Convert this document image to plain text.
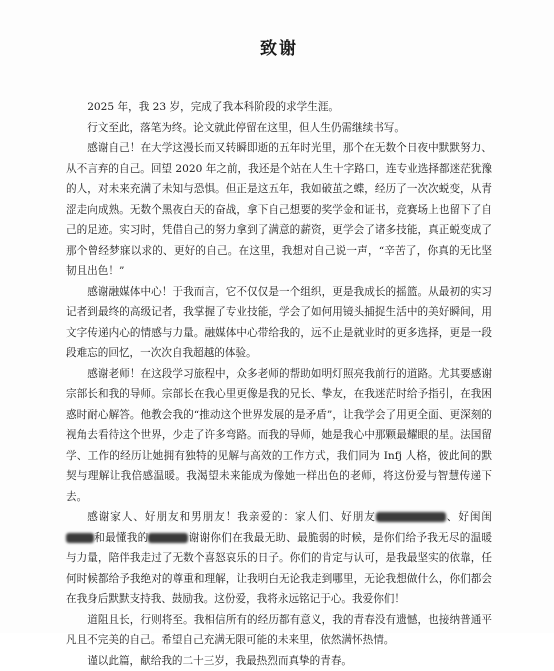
致谢

2025 年，我 23 岁，完成了我本科阶段的求学生涯。

行文至此，落笔为终。论文就此停留在这里，但人生仍需继续书写。

感谢自己！在大学这漫长而又转瞬即逝的五年时光里，那个在无数个日夜中默默努力、从不言弃的自己。回望 2020 年之前，我还是个站在人生十字路口，连专业选择都迷茫犹豫的人，对未来充满了未知与恐惧。但正是这五年，我如破茧之蝶，经历了一次次蜕变，从青涩走向成熟。无数个黑夜白天的奋战，拿下自己想要的奖学金和证书，竞赛场上也留下了自己的足迹。实习时，凭借自己的努力拿到了满意的薪资，更学会了诸多技能，真正蜕变成了那个曾经梦寐以求的、更好的自己。在这里，我想对自己说一声，“辛苦了，你真的无比坚韧且出色！”

感谢融媒体中心！于我而言，它不仅仅是一个组织，更是我成长的摇篮。从最初的实习记者到最终的高级记者，我掌握了专业技能，学会了如何用镜头捕捉生活中的美好瞬间，用文字传递内心的情感与力量。融媒体中心带给我的，远不止是就业时的更多选择，更是一段段难忘的回忆，一次次自我超越的体验。

感谢老师！在这段学习旅程中，众多老师的帮助如明灯照亮我前行的道路。尤其要感谢宗部长和我的导师。宗部长在我心里更像是我的兄长、挚友，在我迷茫时给予指引，在我困惑时耐心解答。他教会我的“推动这个世界发展的是矛盾”，让我学会了用更全面、更深刻的视角去看待这个世界，少走了许多弯路。而我的导师，她是我心中那颗最耀眼的星。法国留学、工作的经历让她拥有独特的见解与高效的工作方式，我们同为 Infj 人格，彼此间的默契与理解让我倍感温暖。我渴望未来能成为像她一样出色的老师，将这份爱与智慧传递下去。

感谢家人、好朋友和男朋友！我亲爱的：家人们、好朋友	、好闺闺和最懂我的	谢谢你们在我最无助、最脆弱的时候，是你们给予我无尽的温暖与力量，陪伴我走过了无数个喜怒哀乐的日子。你们的肯定与认可，是我最坚实的依靠，任何时候都给予我绝对的尊重和理解，让我明白无论我走到哪里，无论我想做什么，你们都会在我身后默默支持我、鼓励我。这份爱，我将永远铭记于心。我爱你们！

道阻且长，行则将至。我相信所有的经历都有意义，我的青春没有遗憾，也接纳普通平凡且不完美的自己。希望自己充满无限可能的未来里，依然满怀热情。

谨以此篇，献给我的二十三岁，我最热烈而真挚的青春。
